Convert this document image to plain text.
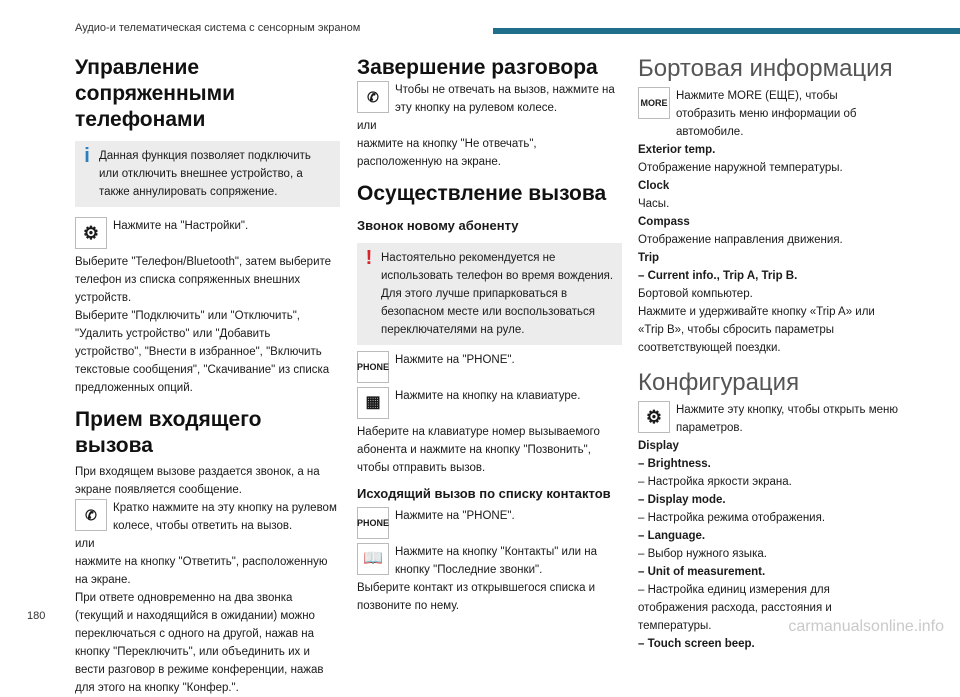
Аудио-и телематическая система с сенсорным экраном
Управление сопряженными телефонами
i Данная функция позволяет подключить или отключить внешнее устройство, а также аннулировать сопряжение.
⚙	Нажмите на "Настройки".

Выберите "Телефон/Bluetooth", затем выберите телефон из списка сопряженных внешних устройств.

Выберите "Подключить" или "Отключить", "Удалить устройство" или "Добавить устройство", "Внести в избранное", "Включить текстовые сообщения", "Скачивание" из списка предложенных опций.

Прием входящего вызова

При входящем вызове раздается звонок, а на экране появляется сообщение.

✆	Кратко нажмите на эту кнопку на рулевом колесе, чтобы ответить на вызов.

или

нажмите на кнопку "Ответить", расположенную на экране.

При ответе одновременно на два звонка (текущий и находящийся в ожидании) можно переключаться с одного на другой, нажав на кнопку "Переключить", или объединить их и вести разговор в режиме конференции, нажав для этого на кнопку "Конфер.".

Завершение разговора
✆	Чтобы не отвечать на вызов, нажмите на эту кнопку на рулевом колесе.

или

нажмите на кнопку "Не отвечать", расположенную на экране.

Осуществление вызова
Звонок новому абоненту
! Настоятельно рекомендуется не использовать телефон во время вождения. Для этого лучше припарковаться в безопасном месте или воспользоваться переключателями на руле.
PHONE

Нажмите на "PHONE".

▦	Нажмите на кнопку на клавиатуре.

Наберите на клавиатуре номер вызываемого абонента и нажмите на кнопку "Позвонить", чтобы отправить вызов.

Исходящий вызов по списку контактов
PHONE

Нажмите на "PHONE".

📖	Нажмите на кнопку "Контакты" или на кнопку "Последние звонки".

Выберите контакт из открывшегося списка и позвоните по нему.

Бортовая информация
MORE

Нажмите MORE (ЕЩЕ), чтобы отобразить меню информации об автомобиле.

Exterior temp.

Отображение наружной температуры.

Clock

Часы.

Compass

Отображение направления движения.

Trip

– Current info., Trip A, Trip B.

Бортовой компьютер.

Нажмите и удерживайте кнопку «Trip A» или «Trip B», чтобы сбросить параметры соответствующей поездки.

Конфигурация
⚙	Нажмите эту кнопку, чтобы открыть меню параметров.

Display

– Brightness.

– Настройка яркости экрана.

– Display mode.

– Настройка режима отображения.

– Language.

– Выбор нужного языка.

– Unit of measurement.

– Настройка единиц измерения для отображения расхода, расстояния и температуры.

– Touch screen beep.

180
carmanualsonline.info
